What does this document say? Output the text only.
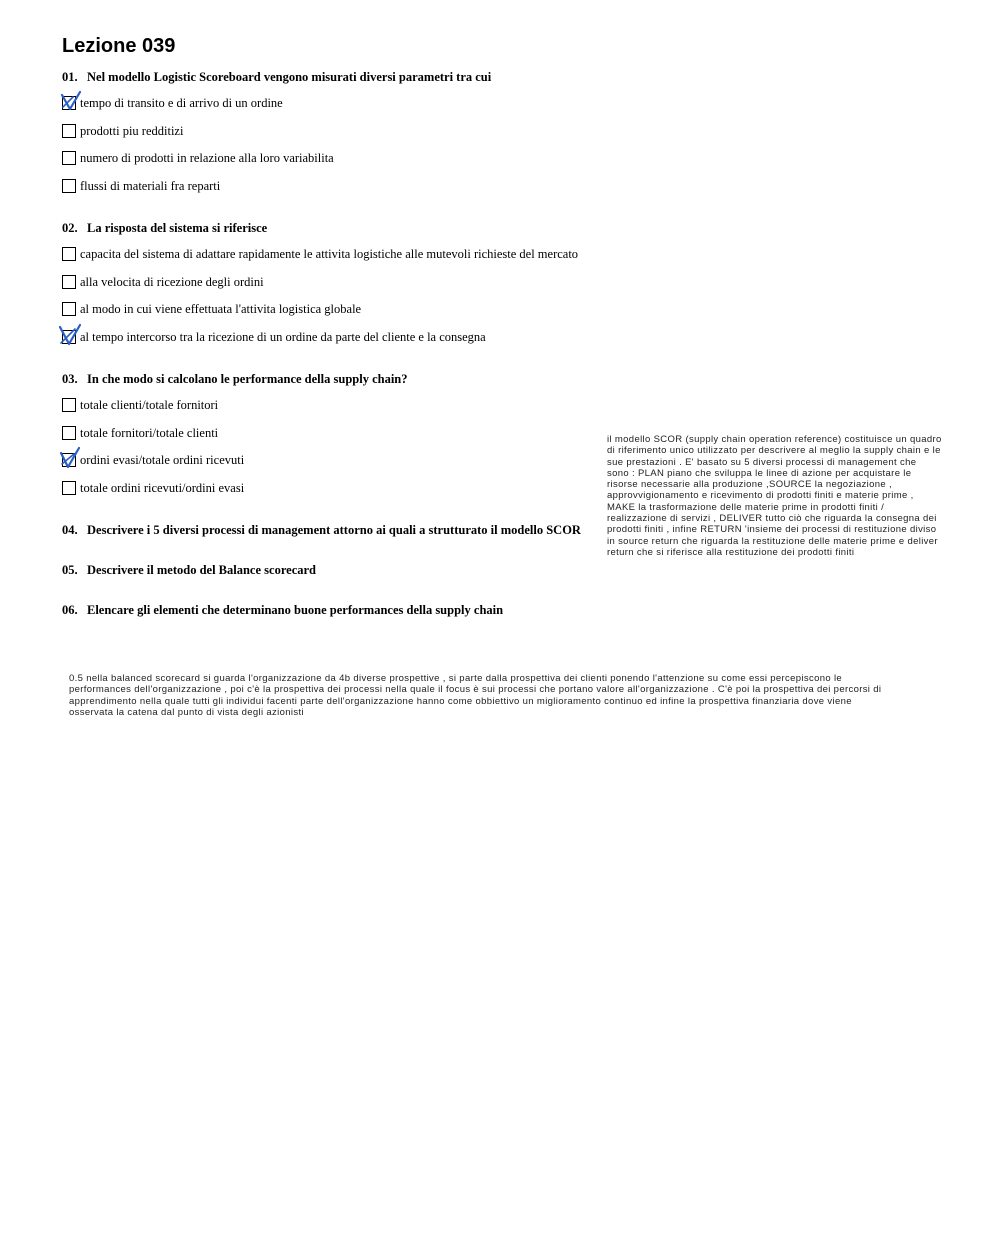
Lezione 039
01. Nel modello Logistic Scoreboard vengono misurati diversi parametri tra cui
tempo di transito e di arrivo di un ordine
prodotti piu redditizi
numero di prodotti in relazione alla loro variabilita
flussi di materiali fra reparti
02. La risposta del sistema si riferisce
capacita del sistema di adattare rapidamente le attivita logistiche alle mutevoli richieste del mercato
alla velocita di ricezione degli ordini
al modo in cui viene effettuata l'attivita logistica globale
al tempo intercorso tra la ricezione di un ordine da parte del cliente e la consegna
03. In che modo si calcolano le performance della supply chain?
totale clienti/totale fornitori
totale fornitori/totale clienti
ordini evasi/totale ordini ricevuti
totale ordini ricevuti/ordini evasi
04. Descrivere i 5 diversi processi di management attorno ai quali a strutturato il modello SCOR
05. Descrivere il metodo del Balance scorecard
06. Elencare gli elementi che determinano buone performances della supply chain
il modello SCOR (supply chain operation reference) costituisce un quadro
di riferimento unico utilizzato per descrivere al meglio la supply chain e le
sue prestazioni . E' basato su 5 diversi processi di management che
sono : PLAN piano che sviluppa le linee di azione per acquistare le
risorse necessarie alla produzione ,SOURCE la negoziazione ,
approvvigionamento e ricevimento di prodotti finiti e materie prime ,
MAKE la trasformazione delle materie prime in prodotti finiti /
realizzazione di servizi , DELIVER tutto ciò che riguarda la consegna dei
prodotti finiti , infine RETURN 'insieme dei processi di restituzione diviso
in source return che riguarda la restituzione delle materie prime e deliver
return che si riferisce alla restituzione dei prodotti finiti
0.5 nella balanced scorecard si guarda l'organizzazione da 4b diverse prospettive , si parte dalla prospettiva dei clienti ponendo l'attenzione su come essi percepiscono le
performances dell'organizzazione , poi c'è la prospettiva dei processi nella quale il focus è sui processi che portano valore all'organizzazione . C'è poi la prospettiva dei percorsi di
apprendimento nella quale tutti gli individui facenti parte dell'organizzazione hanno come obbiettivo un miglioramento continuo ed infine la prospettiva finanziaria dove viene
osservata la catena dal punto di vista degli azionisti
